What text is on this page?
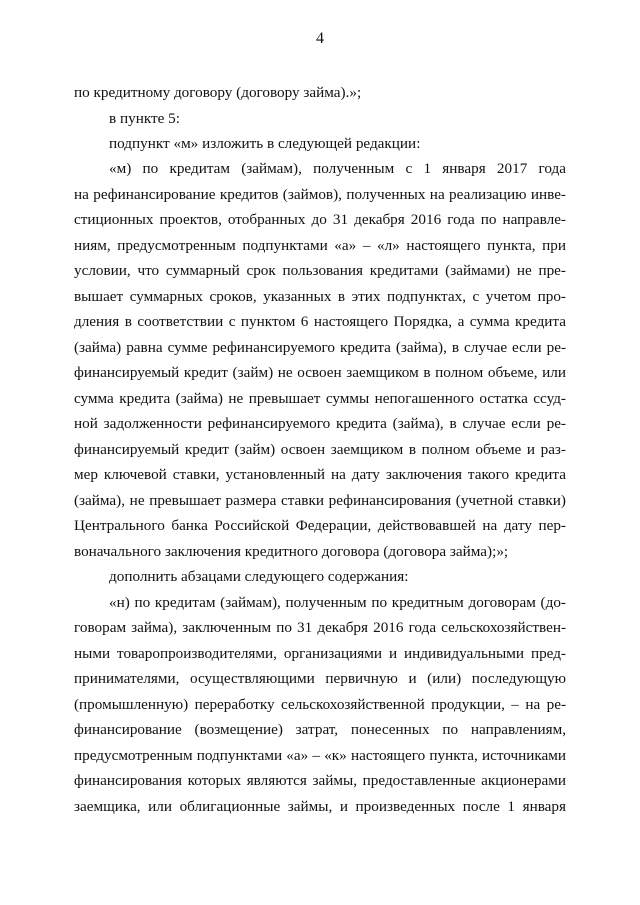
4
по кредитному договору (договору займа).»;
в пункте 5:
подпункт «м» изложить в следующей редакции:
«м) по кредитам (займам), полученным с 1 января 2017 года
на рефинансирование кредитов (займов), полученных на реализацию инве-
стиционных проектов, отобранных до 31 декабря 2016 года по направле-
ниям, предусмотренным подпунктами «а» – «л» настоящего пункта, при
условии, что суммарный срок пользования кредитами (займами) не пре-
вышает суммарных сроков, указанных в этих подпунктах, с учетом про-
дления в соответствии с пунктом 6 настоящего Порядка, а сумма кредита
(займа) равна сумме рефинансируемого кредита (займа), в случае если ре-
финансируемый кредит (займ) не освоен заемщиком в полном объеме, или
сумма кредита (займа) не превышает суммы непогашенного остатка ссуд-
ной задолженности рефинансируемого кредита (займа), в случае если ре-
финансируемый кредит (займ) освоен заемщиком в полном объеме и раз-
мер ключевой ставки, установленный на дату заключения такого кредита
(займа), не превышает размера ставки рефинансирования (учетной ставки)
Центрального банка Российской Федерации, действовавшей на дату пер-
воначального заключения кредитного договора (договора займа);»;
дополнить абзацами следующего содержания:
«н) по кредитам (займам), полученным по кредитным договорам (до-
говорам займа), заключенным по 31 декабря 2016 года сельскохозяйствен-
ными товаропроизводителями, организациями и индивидуальными пред-
принимателями, осуществляющими первичную и (или) последующую
(промышленную) переработку сельскохозяйственной продукции, – на ре-
финансирование (возмещение) затрат, понесенных по направлениям,
предусмотренным подпунктами «а» – «к» настоящего пункта, источниками
финансирования которых являются займы, предоставленные акционерами
заемщика, или облигационные займы, и произведенных после 1 января
